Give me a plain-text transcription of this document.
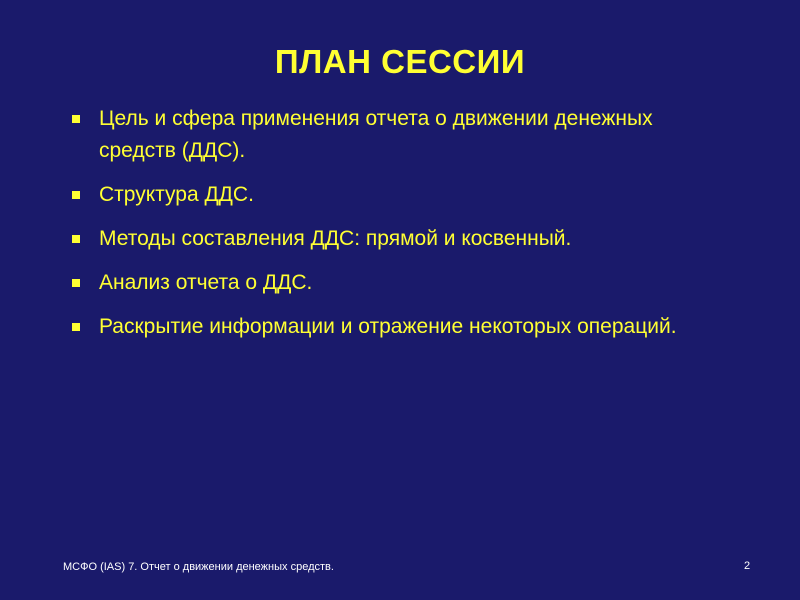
ПЛАН СЕССИИ
Цель и сфера применения отчета о движении денежных средств (ДДС).
Структура ДДС.
Методы составления ДДС: прямой и косвенный.
Анализ отчета о ДДС.
Раскрытие информации и отражение некоторых операций.
МСФО (IAS) 7. Отчет о движении денежных средств.	2
